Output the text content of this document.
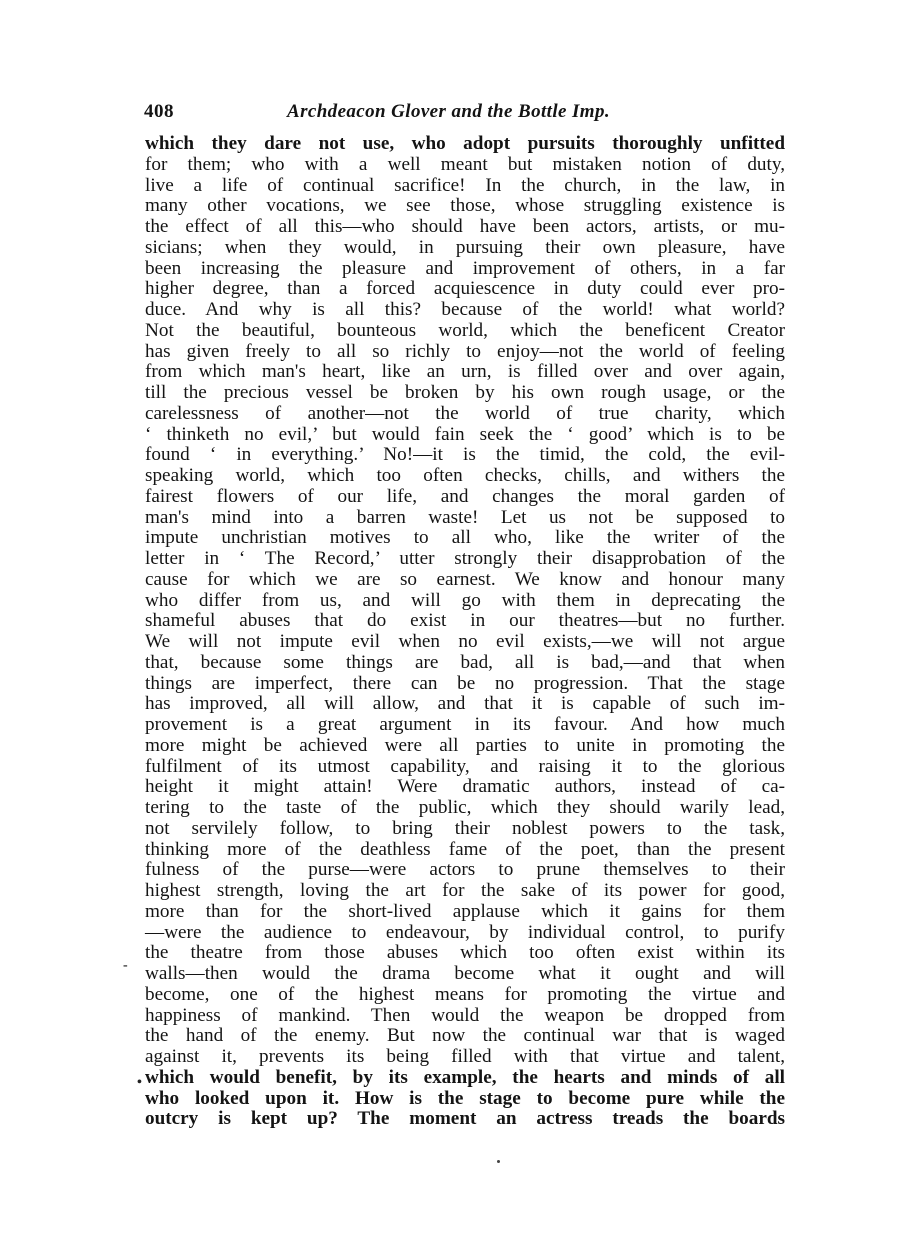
408	Archdeacon Glover and the Bottle Imp.
which they dare not use, who adopt pursuits thoroughly unfitted
for them; who with a well meant but mistaken notion of duty,
live a life of continual sacrifice! In the church, in the law, in
many other vocations, we see those, whose struggling existence is
the effect of all this—who should have been actors, artists, or mu-
sicians; when they would, in pursuing their own pleasure, have
been increasing the pleasure and improvement of others, in a far
higher degree, than a forced acquiescence in duty could ever pro-
duce. And why is all this? because of the world! what world?
Not the beautiful, bounteous world, which the beneficent Creator
has given freely to all so richly to enjoy—not the world of feeling
from which man's heart, like an urn, is filled over and over again,
till the precious vessel be broken by his own rough usage, or the
carelessness of another—not the world of true charity, which
‘ thinketh no evil,’ but would fain seek the ‘ good’ which is to be
found ‘ in everything.’ No!—it is the timid, the cold, the evil-
speaking world, which too often checks, chills, and withers the
fairest flowers of our life, and changes the moral garden of
man's mind into a barren waste! Let us not be supposed to
impute unchristian motives to all who, like the writer of the
letter in ‘ The Record,’ utter strongly their disapprobation of the
cause for which we are so earnest. We know and honour many
who differ from us, and will go with them in deprecating the
shameful abuses that do exist in our theatres—but no further.
We will not impute evil when no evil exists,—we will not argue
that, because some things are bad, all is bad,—and that when
things are imperfect, there can be no progression. That the stage
has improved, all will allow, and that it is capable of such im-
provement is a great argument in its favour. And how much
more might be achieved were all parties to unite in promoting the
fulfilment of its utmost capability, and raising it to the glorious
height it might attain! Were dramatic authors, instead of ca-
tering to the taste of the public, which they should warily lead,
not servilely follow, to bring their noblest powers to the task,
thinking more of the deathless fame of the poet, than the present
fulness of the purse—were actors to prune themselves to their
highest strength, loving the art for the sake of its power for good,
more than for the short-lived applause which it gains for them
—were the audience to endeavour, by individual control, to purify
the theatre from those abuses which too often exist within its
walls—then would the drama become what it ought and will
become, one of the highest means for promoting the virtue and
happiness of mankind. Then would the weapon be dropped from
the hand of the enemy. But now the continual war that is waged
against it, prevents its being filled with that virtue and talent,
which would benefit, by its example, the hearts and minds of all
who looked upon it. How is the stage to become pure while the
outcry is kept up? The moment an actress treads the boards
-
•
